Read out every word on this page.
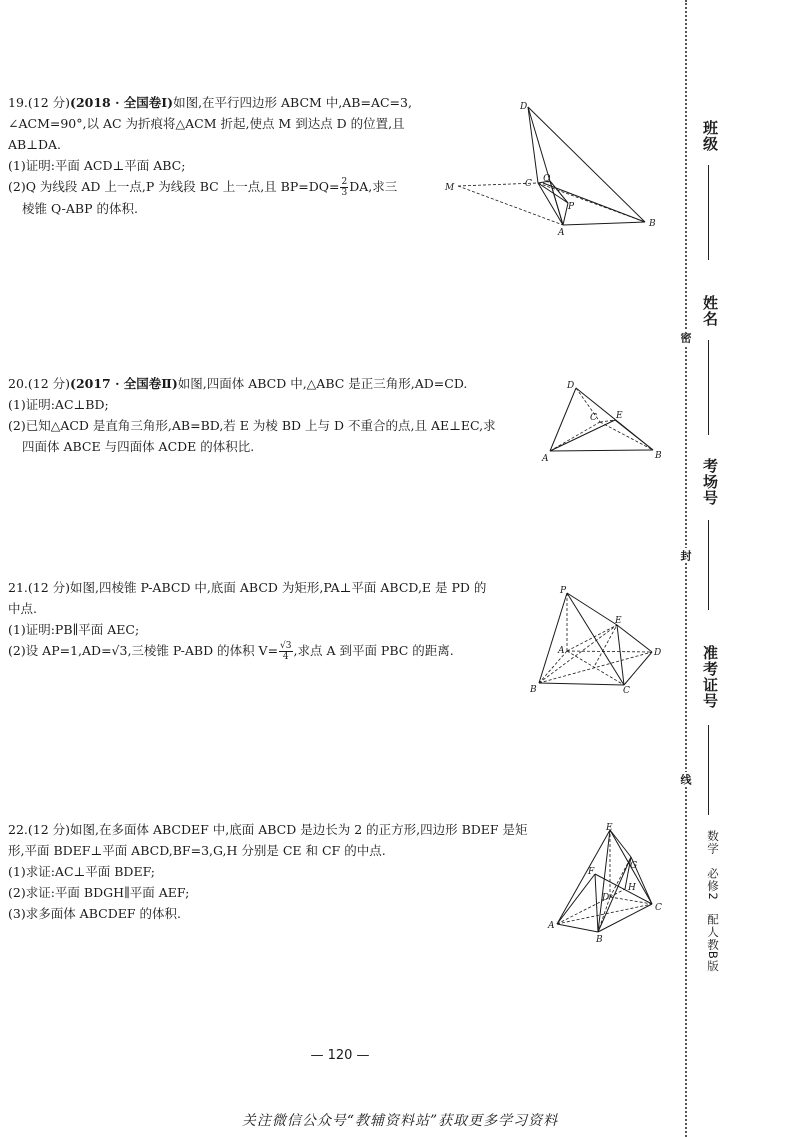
19.(12 分)(2018 · 全国卷Ⅰ)如图,在平行四边形 ABCM 中,AB=AC=3,
∠ACM=90°,以 AC 为折痕将△ACM 折起,使点 M 到达点 D 的位置,且
AB⊥DA.
(1)证明:平面 ACD⊥平面 ABC;
(2)Q 为线段 AD 上一点,P 为线段 BC 上一点,且 $BP=DQ= \frac{2}{3}$ DA,求三
棱锥 Q-ABP 的体积.
D
C Q
M
P
A
B
20.(12 分)(2017 · 全国卷Ⅱ)如图,四面体 ABCD 中,△ABC 是正三角形,AD=CD.
(1)证明:AC⊥BD;
(2)已知△ACD 是直角三角形,AB=BD,若 E 为棱 BD 上与 D 不重合的点,且 AE⊥EC,求
四面体 ABCE 与四面体 ACDE 的体积比.
D
C E
A	B
21.(12 分)如图,四棱锥 P-ABCD 中,底面 ABCD 为矩形,PA⊥平面 ABCD,E 是 PD 的
中点.
(1)证明:PB∥平面 AEC;
(2)设 AP=1,AD=√3,三棱锥 P-ABD 的体积 $V= \frac{√3}{4}$ ,求点 A 到平面 PBC 的距离.
P
E
A	D
B	C
22.(12 分)如图,在多面体 ABCDEF 中,底面 ABCD 是边长为 2 的正方形,四边形 BDEF 是矩
形,平面 BDEF⊥平面 ABCD,BF=3,G,H 分别是 CE 和 CF 的中点.
(1)求证:AC⊥平面 BDEF;
(2)求证:平面 BDGH∥平面 AEF;
(3)求多面体 ABCDEF 的体积.
E
G
F
H
D
A
C
B
密
封
线
班级
姓名
考场号
准考证号
数学　必修2　配人教B版
— 120 —
关注微信公众号“教辅资料站”获取更多学习资料
